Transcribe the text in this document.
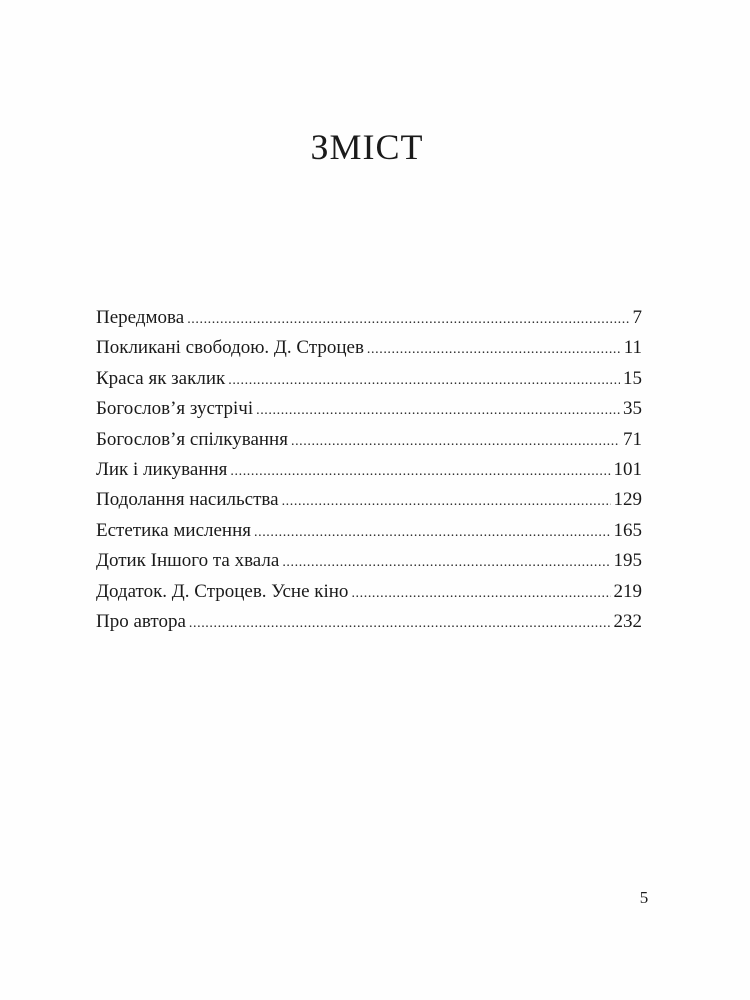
ЗМІСТ
Передмова .....	7
Покликані свободою. Д. Строцев .....	11
Краса як заклик .....	15
Богослов’я зустрічі .....	35
Богослов’я спілкування .....	71
Лик і ликування .....	101
Подолання насильства .....	129
Естетика мислення .....	165
Дотик Іншого та хвала .....	195
Додаток. Д. Строцев. Усне кіно .....	219
Про автора .....	232
5
